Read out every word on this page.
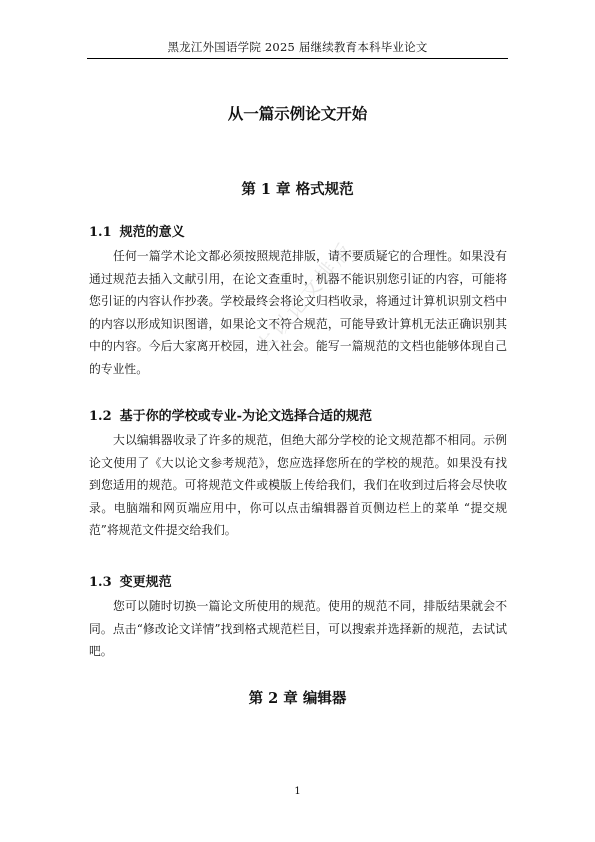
黑龙江外国语学院 2025 届继续教育本科毕业论文
从一篇示例论文开始
第 1 章 格式规范
1.1 规范的意义

任何一篇学术论文都必须按照规范排版，请不要质疑它的合理性。如果没有通过规范去插入文献引用，在论文查重时，机器不能识别您引证的内容，可能将您引证的内容认作抄袭。学校最终会将论文归档收录，将通过计算机识别文档中的内容以形成知识图谱，如果论文不符合规范，可能导致计算机无法正确识别其中的内容。今后大家离开校园，进入社会。能写一篇规范的文档也能够体现自己的专业性。

1.2 基于你的学校或专业-为论文选择合适的规范

大以编辑器收录了许多的规范，但绝大部分学校的论文规范都不相同。示例论文使用了《大以论文参考规范》，您应选择您所在的学校的规范。如果没有找到您适用的规范。可将规范文件或模版上传给我们，我们在收到过后将会尽快收录。电脑端和网页端应用中，你可以点击编辑器首页侧边栏上的菜单 “提交规范”将规范文件提交给我们。

1.3 变更规范

您可以随时切换一篇论文所使用的规范。使用的规范不同，排版结果就会不同。点击“修改论文详情”找到格式规范栏目，可以搜索并选择新的规范，去试试吧。

第 2 章 编辑器
大以论文排版
1
